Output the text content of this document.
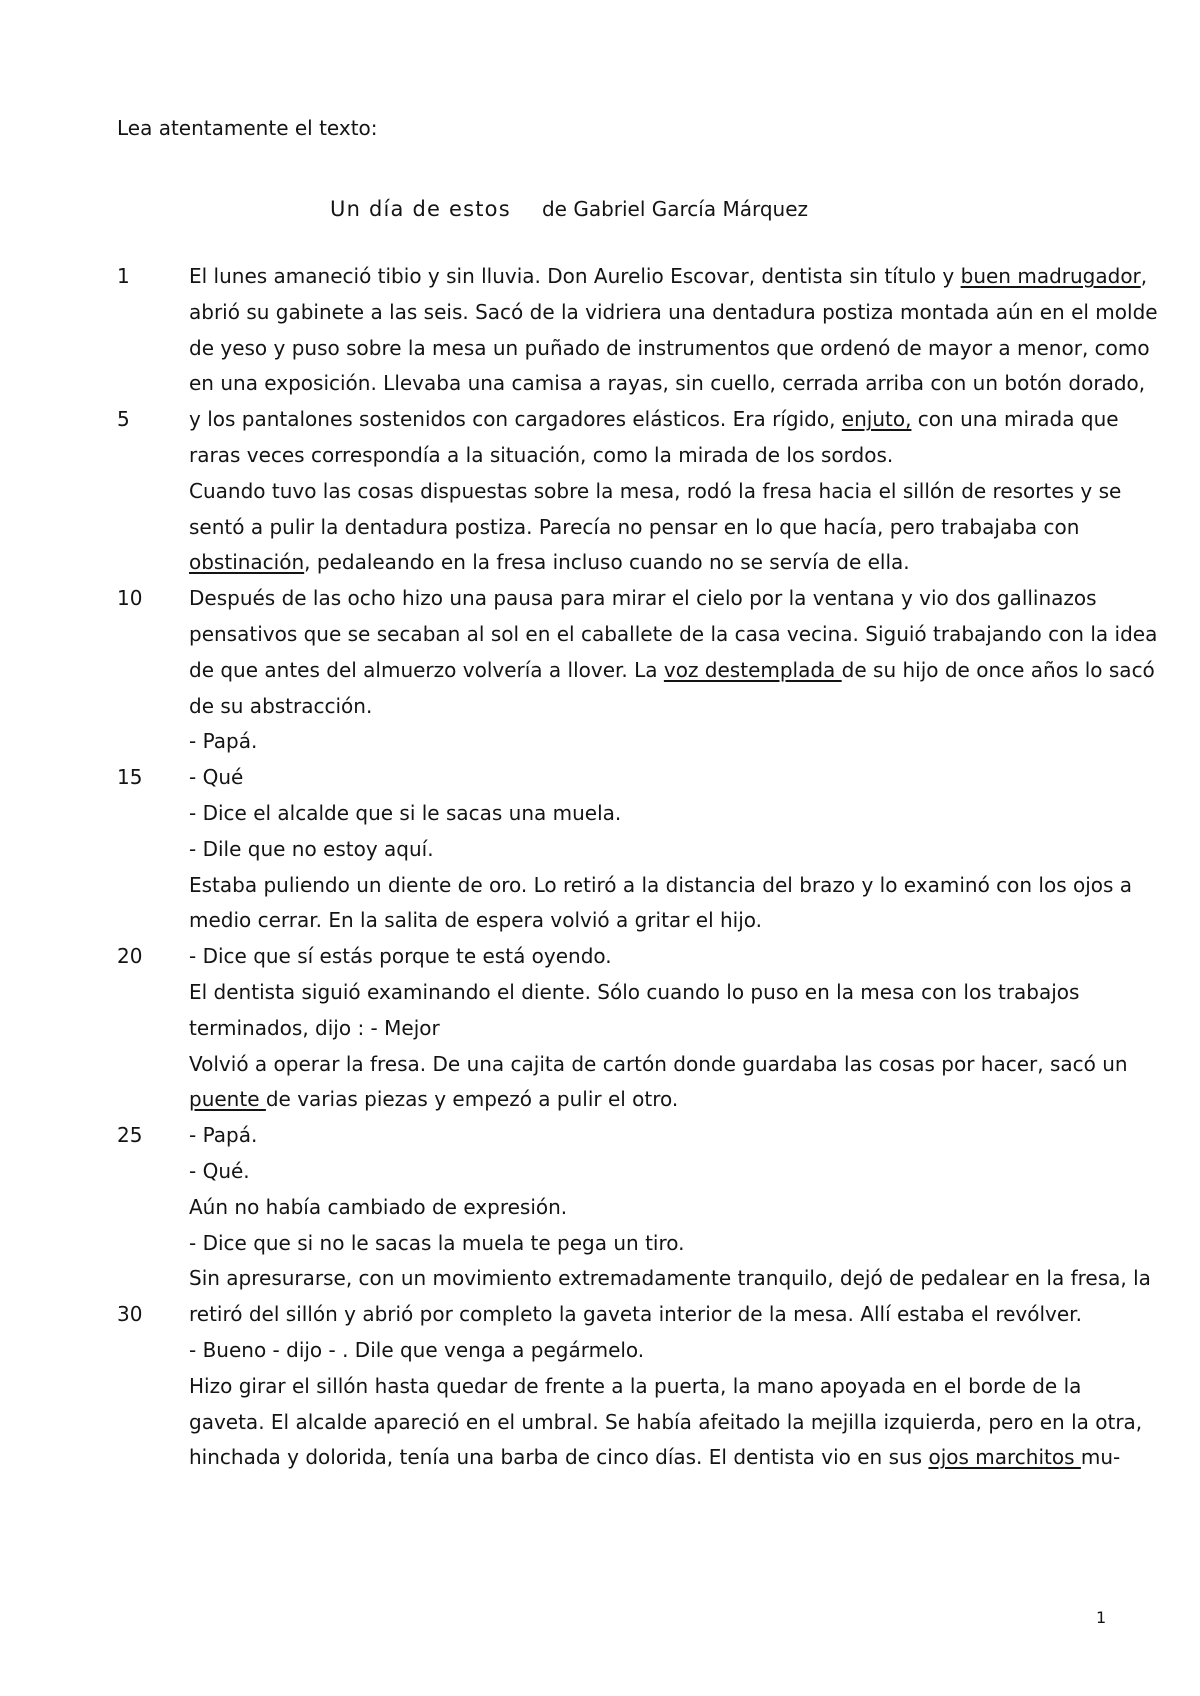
Lea atentamente el texto:
Un día de estos de Gabriel García Márquez
El lunes amaneció tibio y sin lluvia. Don Aurelio Escovar, dentista sin título y buen madrugador,
abrió su gabinete a las seis. Sacó de la vidriera una dentadura postiza montada aún en el molde
de yeso y puso sobre la mesa un puñado de instrumentos que ordenó de mayor a menor, como
en una exposición. Llevaba una camisa a rayas, sin cuello, cerrada arriba con un botón dorado,
y los pantalones sostenidos con cargadores elásticos. Era rígido, enjuto, con una mirada que
raras veces correspondía a la situación, como la mirada de los sordos.
Cuando tuvo las cosas dispuestas sobre la mesa, rodó la fresa hacia el sillón de resortes y se
sentó a pulir la dentadura postiza. Parecía no pensar en lo que hacía, pero trabajaba con
obstinación, pedaleando en la fresa incluso cuando no se servía de ella.
Después de las ocho hizo una pausa para mirar el cielo por la ventana y vio dos gallinazos
pensativos que se secaban al sol en el caballete de la casa vecina. Siguió trabajando con la idea
de que antes del almuerzo volvería a llover. La voz destemplada de su hijo de once años lo sacó
de su abstracción.
- Papá.
- Qué
- Dice el alcalde que si le sacas una muela.
- Dile que no estoy aquí.
Estaba puliendo un diente de oro. Lo retiró a la distancia del brazo y lo examinó con los ojos a
medio cerrar. En la salita de espera volvió a gritar el hijo.
- Dice que sí estás porque te está oyendo.
El dentista siguió examinando el diente. Sólo cuando lo puso en la mesa con los trabajos
terminados, dijo : - Mejor
Volvió a operar la fresa. De una cajita de cartón donde guardaba las cosas por hacer, sacó un
puente de varias piezas y empezó a pulir el otro.
- Papá.
- Qué.
Aún no había cambiado de expresión.
- Dice que si no le sacas la muela te pega un tiro.
Sin apresurarse, con un movimiento extremadamente tranquilo, dejó de pedalear en la fresa, la
retiró del sillón y abrió por completo la gaveta interior de la mesa. Allí estaba el revólver.
- Bueno - dijo - . Dile que venga a pegármelo.
Hizo girar el sillón hasta quedar de frente a la puerta, la mano apoyada en el borde de la
gaveta. El alcalde apareció en el umbral. Se había afeitado la mejilla izquierda, pero en la otra,
hinchada y dolorida, tenía una barba de cinco días. El dentista vio en sus ojos marchitos mu-
1
5
10
15
20
25
30
1
